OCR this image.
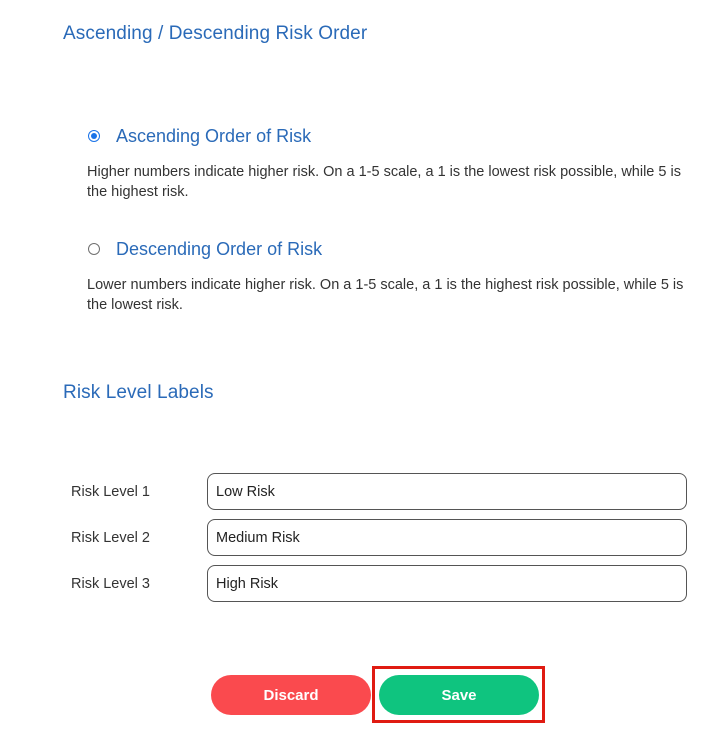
Ascending / Descending Risk Order
Ascending Order of Risk

Higher numbers indicate higher risk. On a 1-5 scale, a 1 is the lowest risk possible, while 5 is the highest risk.

Descending Order of Risk

Lower numbers indicate higher risk. On a 1-5 scale, a 1 is the highest risk possible, while 5 is the lowest risk.

Risk Level Labels
Risk Level 1
Low Risk
Risk Level 2
Medium Risk
Risk Level 3
High Risk
Discard	Save
